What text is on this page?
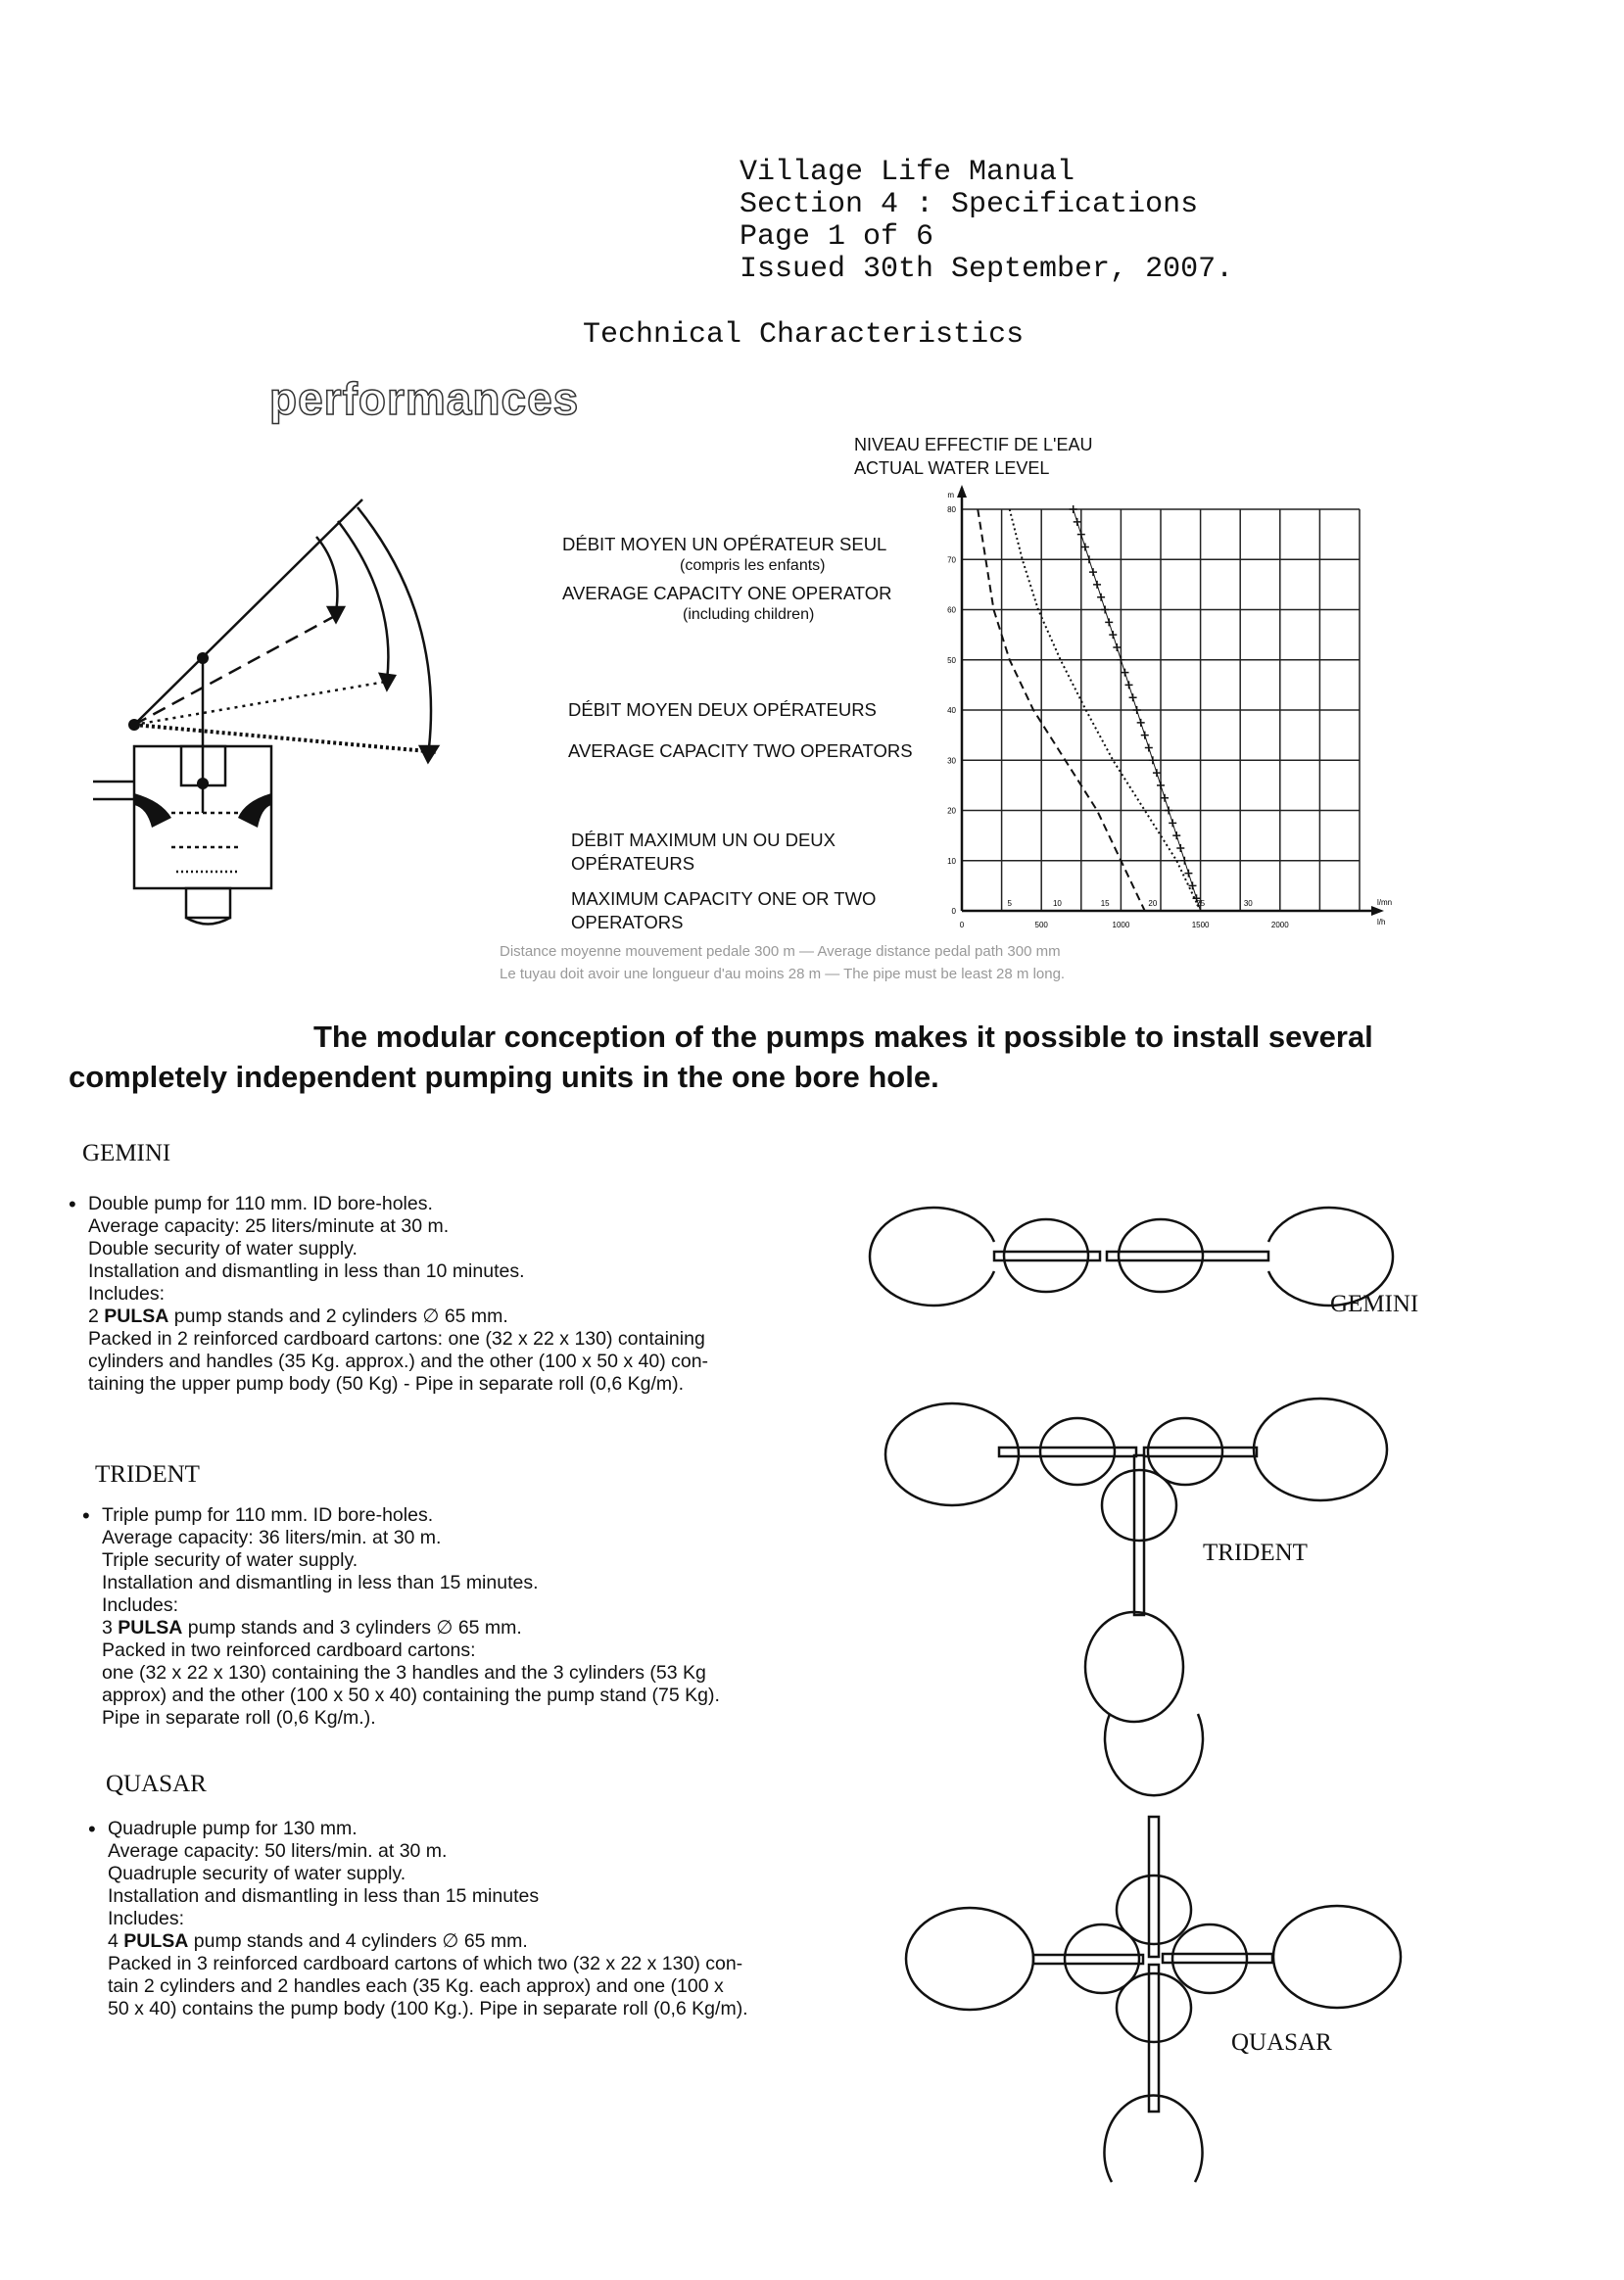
Village Life Manual
Section 4 : Specifications
Page 1 of 6
Issued 30th September, 2007.
Technical Characteristics
performances
NIVEAU EFFECTIF DE L'EAU
ACTUAL WATER LEVEL
DÉBIT MOYEN UN OPÉRATEUR SEUL
(compris les enfants)
AVERAGE CAPACITY ONE OPERATOR
(including children)
DÉBIT MOYEN DEUX OPÉRATEURS
AVERAGE CAPACITY TWO OPERATORS
DÉBIT MAXIMUM UN OU DEUX
OPÉRATEURS
MAXIMUM CAPACITY ONE OR TWO
OPERATORS
0
10
20
30
40
50
60
70
80
0	500	1000	1500	2000
5	10	15	20	25	30
m
l/h
l/mn
Distance moyenne mouvement pedale 300 m — Average distance pedal path 300 mm
Le tuyau doit avoir une longueur d'au moins 28 m — The pipe must be least 28 m long.
The modular conception of the pumps makes it possible to install several
completely independent pumping units in the one bore hole.
GEMINI
• Double pump for 110 mm. ID bore-holes.
Average capacity: 25 liters/minute at 30 m.
Double security of water supply.
Installation and dismantling in less than 10 minutes.
Includes:
2 PULSA pump stands and 2 cylinders ∅ 65 mm.
Packed in 2 reinforced cardboard cartons: one (32 x 22 x 130) containing
cylinders and handles (35 Kg. approx.) and the other (100 x 50 x 40) con-
taining the upper pump body (50 Kg) - Pipe in separate roll (0,6 Kg/m).
TRIDENT
• Triple pump for 110 mm. ID bore-holes.
Average capacity: 36 liters/min. at 30 m.
Triple security of water supply.
Installation and dismantling in less than 15 minutes.
Includes:
3 PULSA pump stands and 3 cylinders ∅ 65 mm.
Packed in two reinforced cardboard cartons:
one (32 x 22 x 130) containing the 3 handles and the 3 cylinders (53 Kg
approx) and the other (100 x 50 x 40) containing the pump stand (75 Kg).
Pipe in separate roll (0,6 Kg/m.).
QUASAR
• Quadruple pump for 130 mm.
Average capacity: 50 liters/min. at 30 m.
Quadruple security of water supply.
Installation and dismantling in less than 15 minutes
Includes:
4 PULSA pump stands and 4 cylinders ∅ 65 mm.
Packed in 3 reinforced cardboard cartons of which two (32 x 22 x 130) con-
tain 2 cylinders and 2 handles each (35 Kg. each approx) and one (100 x
50 x 40) contains the pump body (100 Kg.). Pipe in separate roll (0,6 Kg/m).
GEMINI
TRIDENT
QUASAR
